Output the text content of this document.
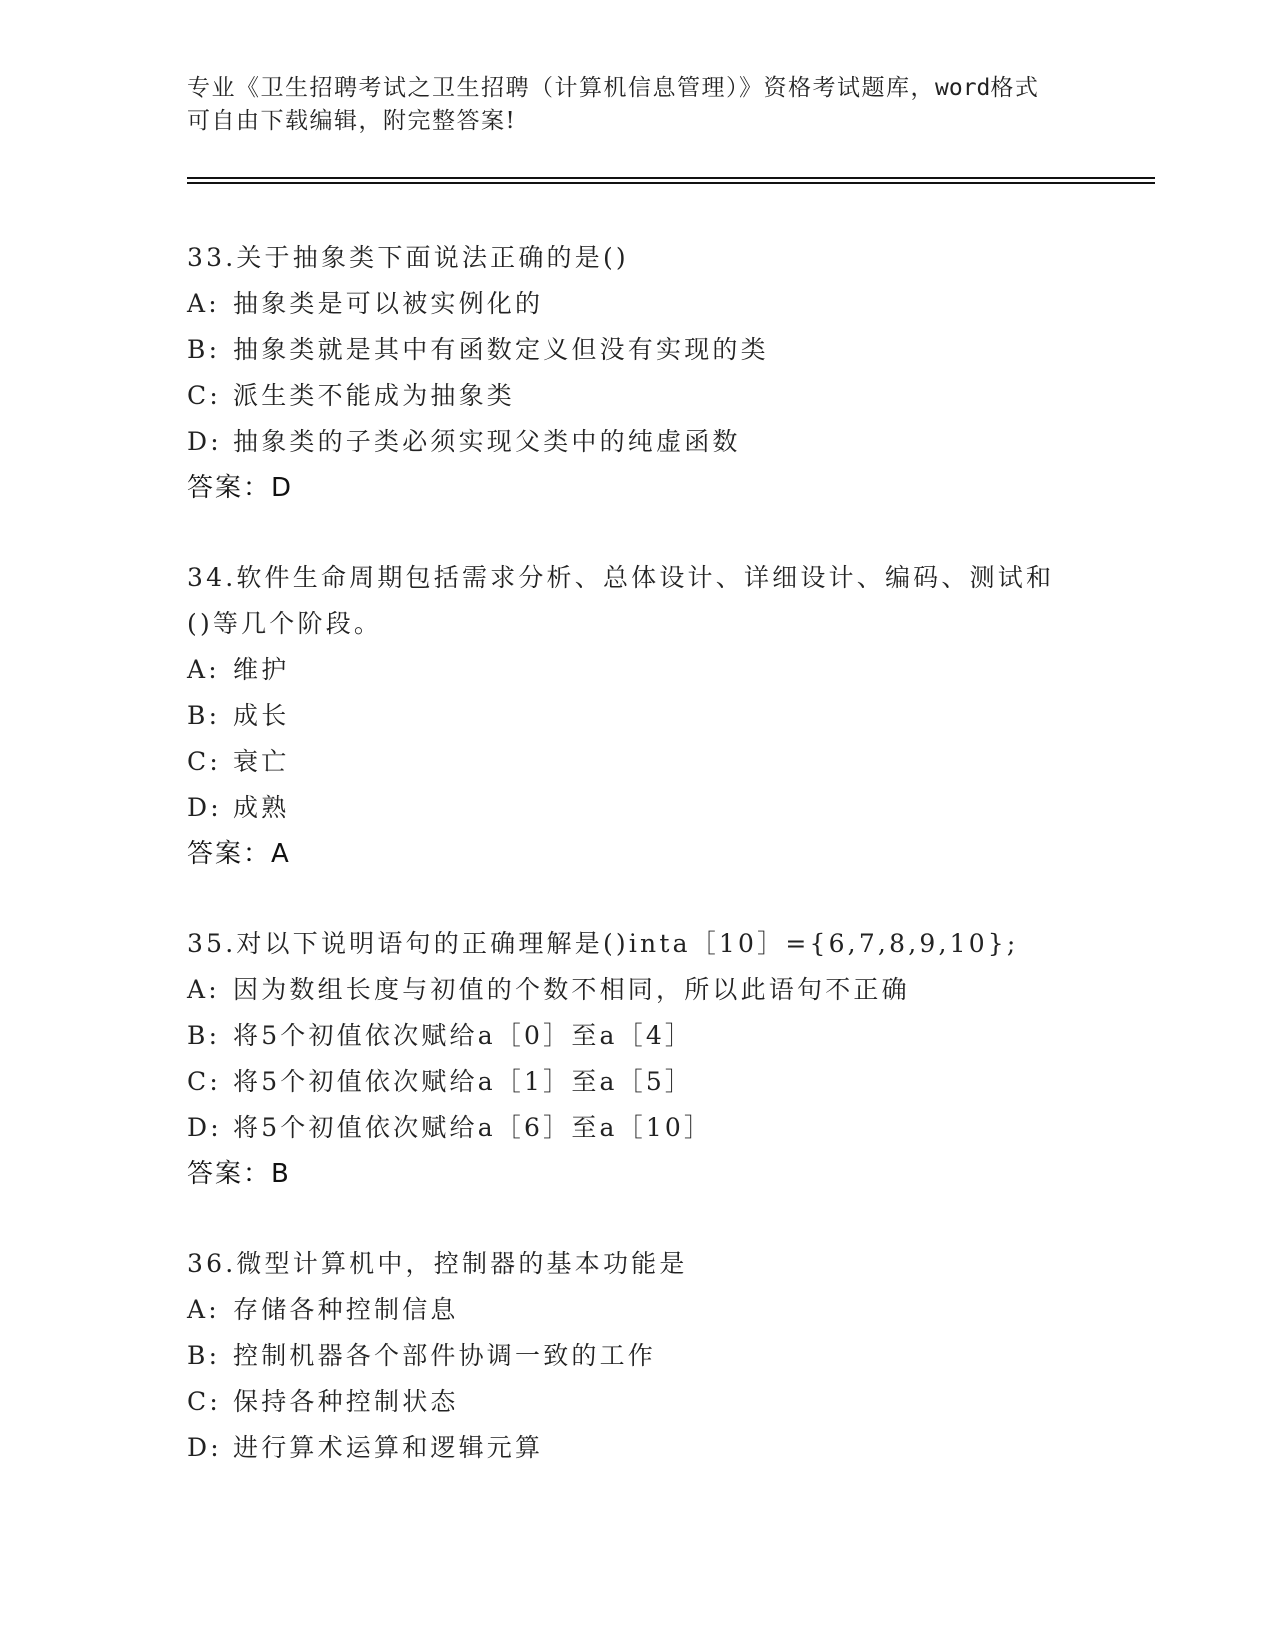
专业《卫生招聘考试之卫生招聘（计算机信息管理）》资格考试题库，word格式
可自由下载编辑，附完整答案!
33.关于抽象类下面说法正确的是()
A: 抽象类是可以被实例化的
B: 抽象类就是其中有函数定义但没有实现的类
C: 派生类不能成为抽象类
D: 抽象类的子类必须实现父类中的纯虚函数
答案：D
34.软件生命周期包括需求分析、总体设计、详细设计、编码、测试和
()等几个阶段。
A: 维护
B: 成长
C: 衰亡
D: 成熟
答案：A
35.对以下说明语句的正确理解是()inta［10］={6,7,8,9,10};
A: 因为数组长度与初值的个数不相同，所以此语句不正确
B: 将5个初值依次赋给a［0］至a［4］
C: 将5个初值依次赋给a［1］至a［5］
D: 将5个初值依次赋给a［6］至a［10］
答案：B
36.微型计算机中，控制器的基本功能是
A: 存储各种控制信息
B: 控制机器各个部件协调一致的工作
C: 保持各种控制状态
D: 进行算术运算和逻辑元算
